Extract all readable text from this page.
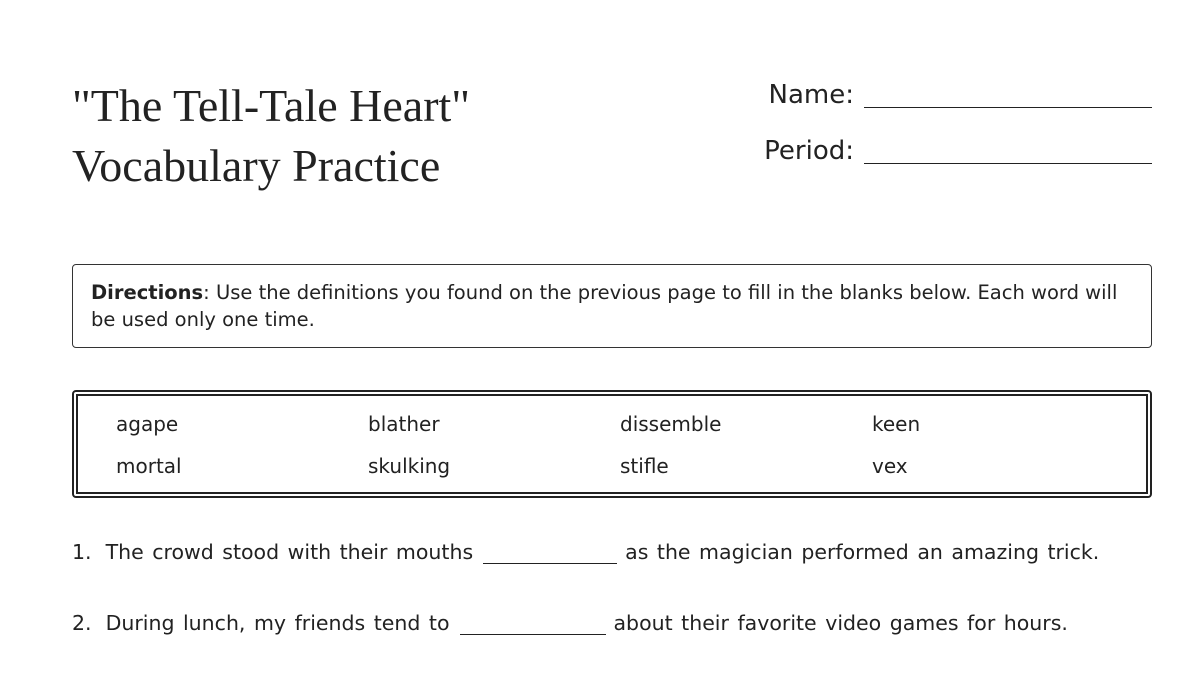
"The Tell-Tale Heart"
Vocabulary Practice
Name:
Period:
Directions: Use the definitions you found on the previous page to fill in the blanks below. Each word will be used only one time.
agape	blather	dissemble	keen
mortal	skulking	stifle	vex
1. The crowd stood with their mouths	as the magician performed an amazing trick.
2. During lunch, my friends tend to	about their favorite video games for hours.
